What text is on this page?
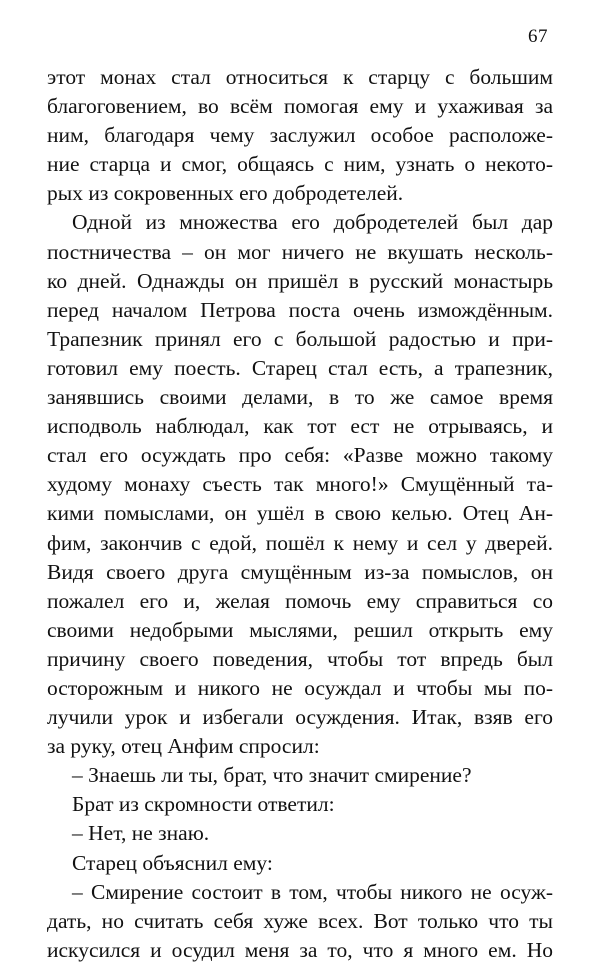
67
этот монах стал относиться к старцу с большим
благоговением, во всём помогая ему и ухаживая за
ним, благодаря чему заслужил особое расположе-
ние старца и смог, общаясь с ним, узнать о некото-
рых из сокровенных его добродетелей.
Одной из множества его добродетелей был дар
постничества – он мог ничего не вкушать несколь-
ко дней. Однажды он пришёл в русский монастырь
перед началом Петрова поста очень измождённым.
Трапезник принял его с большой радостью и при-
готовил ему поесть. Старец стал есть, а трапезник,
занявшись своими делами, в то же самое время
исподволь наблюдал, как тот ест не отрываясь, и
стал его осуждать про себя: «Разве можно такому
худому монаху съесть так много!» Смущённый та-
кими помыслами, он ушёл в свою келью. Отец Ан-
фим, закончив с едой, пошёл к нему и сел у дверей.
Видя своего друга смущённым из-за помыслов, он
пожалел его и, желая помочь ему справиться со
своими недобрыми мыслями, решил открыть ему
причину своего поведения, чтобы тот впредь был
осторожным и никого не осуждал и чтобы мы по-
лучили урок и избегали осуждения. Итак, взяв его
за руку, отец Анфим спросил:
– Знаешь ли ты, брат, что значит смирение?
Брат из скромности ответил:
– Нет, не знаю.
Старец объяснил ему:
– Смирение состоит в том, чтобы никого не осуж-
дать, но считать себя хуже всех. Вот только что ты
искусился и осудил меня за то, что я много ем. Но
